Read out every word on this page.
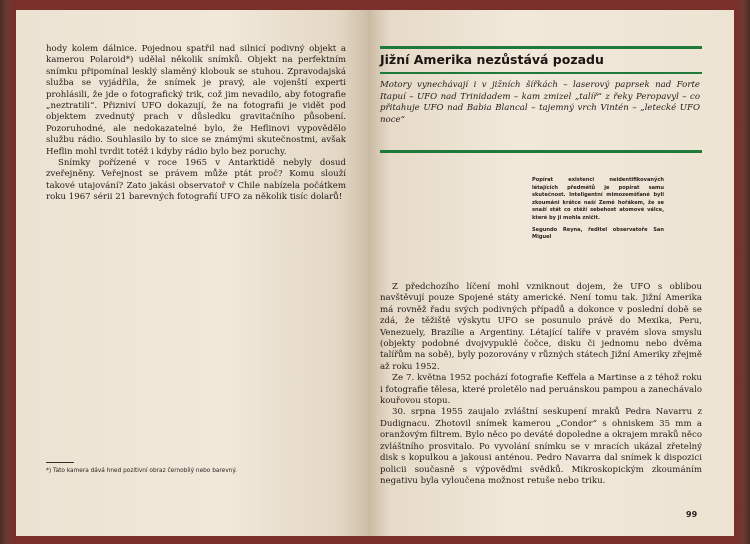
hody kolem dálnice. Pojednou spatřil nad silnicí podivný objekt a kamerou Polaroid*) udělal několik snímků. Objekt na perfektním snímku připomínal lesklý slaměný klobouk se stuhou. Zpravodajská služba se vyjádřila, že snímek je pravý, ale vojenští experti prohlásili, že jde o fotografický trik, což jim nevadilo, aby fotografie „neztratili“. Přizniví UFO dokazují, že na fotografii je vidět pod objektem zvednutý prach v důsledku gravitačního působení. Pozoruhodné, ale nedokazatelné bylo, že Heflinovi vypovědělo službu rádio. Souhlasilo by to sice se známými skutečnostmi, avšak Heflin mohl tvrdit totéž i kdyby rádio bylo bez poruchy.

Snímky pořízené v roce 1965 v Antarktidě nebyly dosud zveřejněny. Veřejnost se právem může ptát proč? Komu slouží takové utajování? Zato jakási observatoř v Chile nabízela počátkem roku 1967 sérii 21 barevných fotografií UFO za několik tisíc dolarů!

*) Tato kamera dává hned pozitivní obraz černobílý nebo barevný.
Jižní Amerika nezůstává pozadu
Motory vynechávají i v jižních šířkách – laserový paprsek nad Forte Itapuí – UFO nad Trinidadem – kam zmizel „talíř“ z řeky Peropavyl – co přitahuje UFO nad Babia Blancal – tajemný vrch Vintén – „letecké UFO noce“
Popírat existenci neidentifikovaných létajících předmětů je popírat samu skutečnost. Inteligentní mimozemšťané byli zkoumáni krátce naší Země hořákem, že se snaží stát co stěží sebehost atomové válce, které by ji mohla zničit.
Segundo Reyna, ředitel observatoře San Miguel

Z předchozího líčení mohl vzniknout dojem, že UFO s oblibou navštěvují pouze Spojené státy americké. Není tomu tak. Jižní Amerika má rovněž řadu svých podivných případů a dokonce v poslední době se zdá, že těžiště výskytu UFO se posunulo právě do Mexika, Peru, Venezuely, Brazílie a Argentiny. Létající talíře v pravém slova smyslu (objekty podobné dvojvypuklé čočce, disku či jednomu nebo dvěma talířům na sobě), byly pozorovány v různých státech Jižní Ameriky zřejmě až roku 1952.

Ze 7. května 1952 pochází fotografie Keffela a Martinse a z téhož roku i fotografie tělesa, které proletělo nad peruánskou pampou a zanechávalo kouřovou stopu.

30. srpna 1955 zaujalo zvláštní seskupení mraků Pedra Navarru z Dudignacu. Zhotovil snímek kamerou „Condor“ s ohniskem 35 mm a oranžovým filtrem. Bylo něco po deváté dopoledne a okrajem mraků něco zvláštního prosvitalo. Po vyvolání snímku se v mracích ukázal zřetelný disk s kopulkou a jakousi anténou. Pedro Navarra dal snímek k dispozici policii současně s výpověďmi svědků. Mikroskopickým zkoumáním negativu byla vyloučena možnost retuše nebo triku.

99
